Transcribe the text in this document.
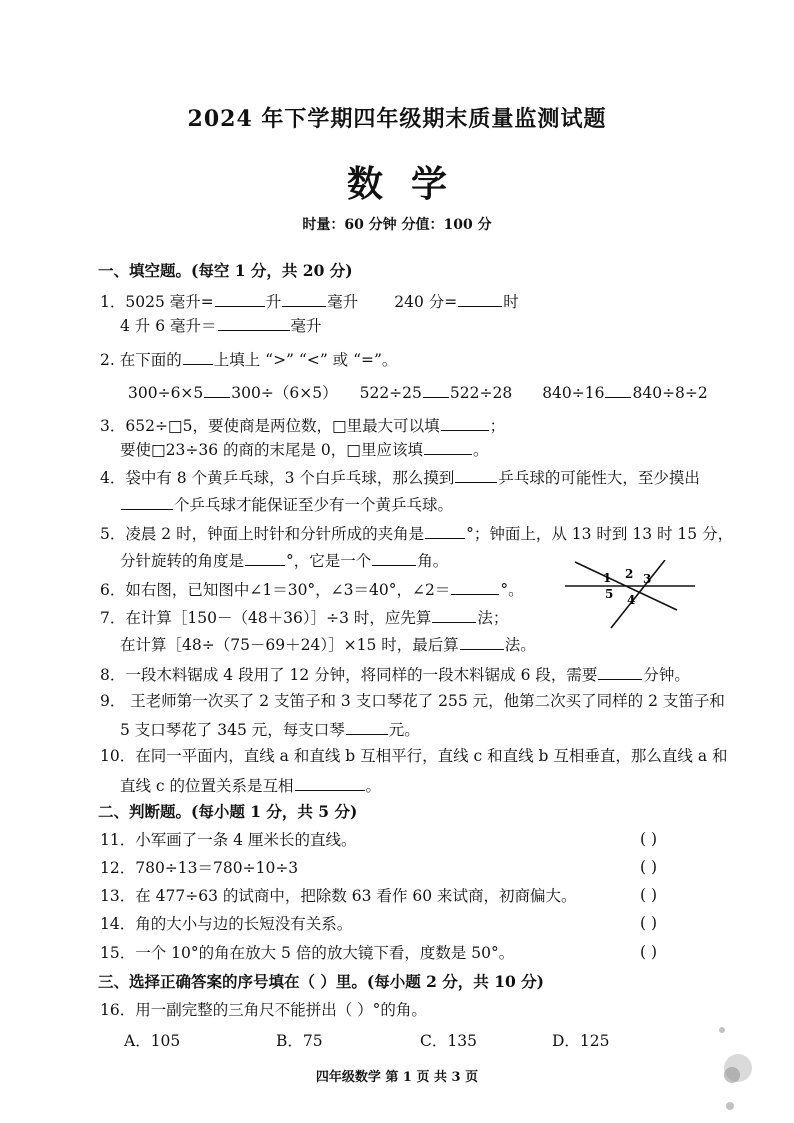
2024 年下学期四年级期末质量监测试题
数学
时量：60 分钟 分值：100 分
一、填空题。(每空 1 分，共 20 分)
1．5025 毫升=	升	毫升 240 分=	时
4 升 6 毫升＝	毫升
2. 在下面的 上填上 “>” “<” 或 “=”。
300÷6×5 300÷（6×5） 522÷25 522÷28 840÷16 840÷8÷2
3．652÷□5，要使商是两位数，□里最大可以填	；
要使□23÷36 的商的末尾是 0，□里应该填	。
4．袋中有 8 个黄乒乓球，3 个白乒乓球，那么摸到	乒乓球的可能性大，至少摸出
个乒乓球才能保证至少有一个黄乒乓球。
5．凌晨 2 时，钟面上时针和分针所成的夹角是	°；钟面上，从 13 时到 13 时 15 分，
分针旋转的角度是	°，它是一个	角。
6．如右图，已知图中∠1＝30°，∠3＝40°，∠2＝	°。
7．在计算［150－（48＋36）］÷3 时，应先算	法；
在计算［48÷（75－69＋24）］×15 时，最后算	法。
8．一段木料锯成 4 段用了 12 分钟，将同样的一段木料锯成 6 段，需要	分钟。
9． 王老师第一次买了 2 支笛子和 3 支口琴花了 255 元，他第二次买了同样的 2 支笛子和
5 支口琴花了 345 元，每支口琴	元。
10．在同一平面内，直线 a 和直线 b 互相平行，直线 c 和直线 b 互相垂直，那么直线 a 和
直线 c 的位置关系是互相	。
1 2 3
4
5
二、判断题。(每小题 1 分，共 5 分)
11．小军画了一条 4 厘米长的直线。	( )
12．780÷13＝780÷10÷3	( )
13．在 477÷63 的试商中，把除数 63 看作 60 来试商，初商偏大。	( )
14．角的大小与边的长短没有关系。	( )
15．一个 10°的角在放大 5 倍的放大镜下看，度数是 50°。	( )
三、选择正确答案的序号填在（ ）里。(每小题 2 分，共 10 分)
16．用一副完整的三角尺不能拼出（ ）°的角。
A．105	B．75	C．135	D．125
四年级数学 第 1 页 共 3 页
